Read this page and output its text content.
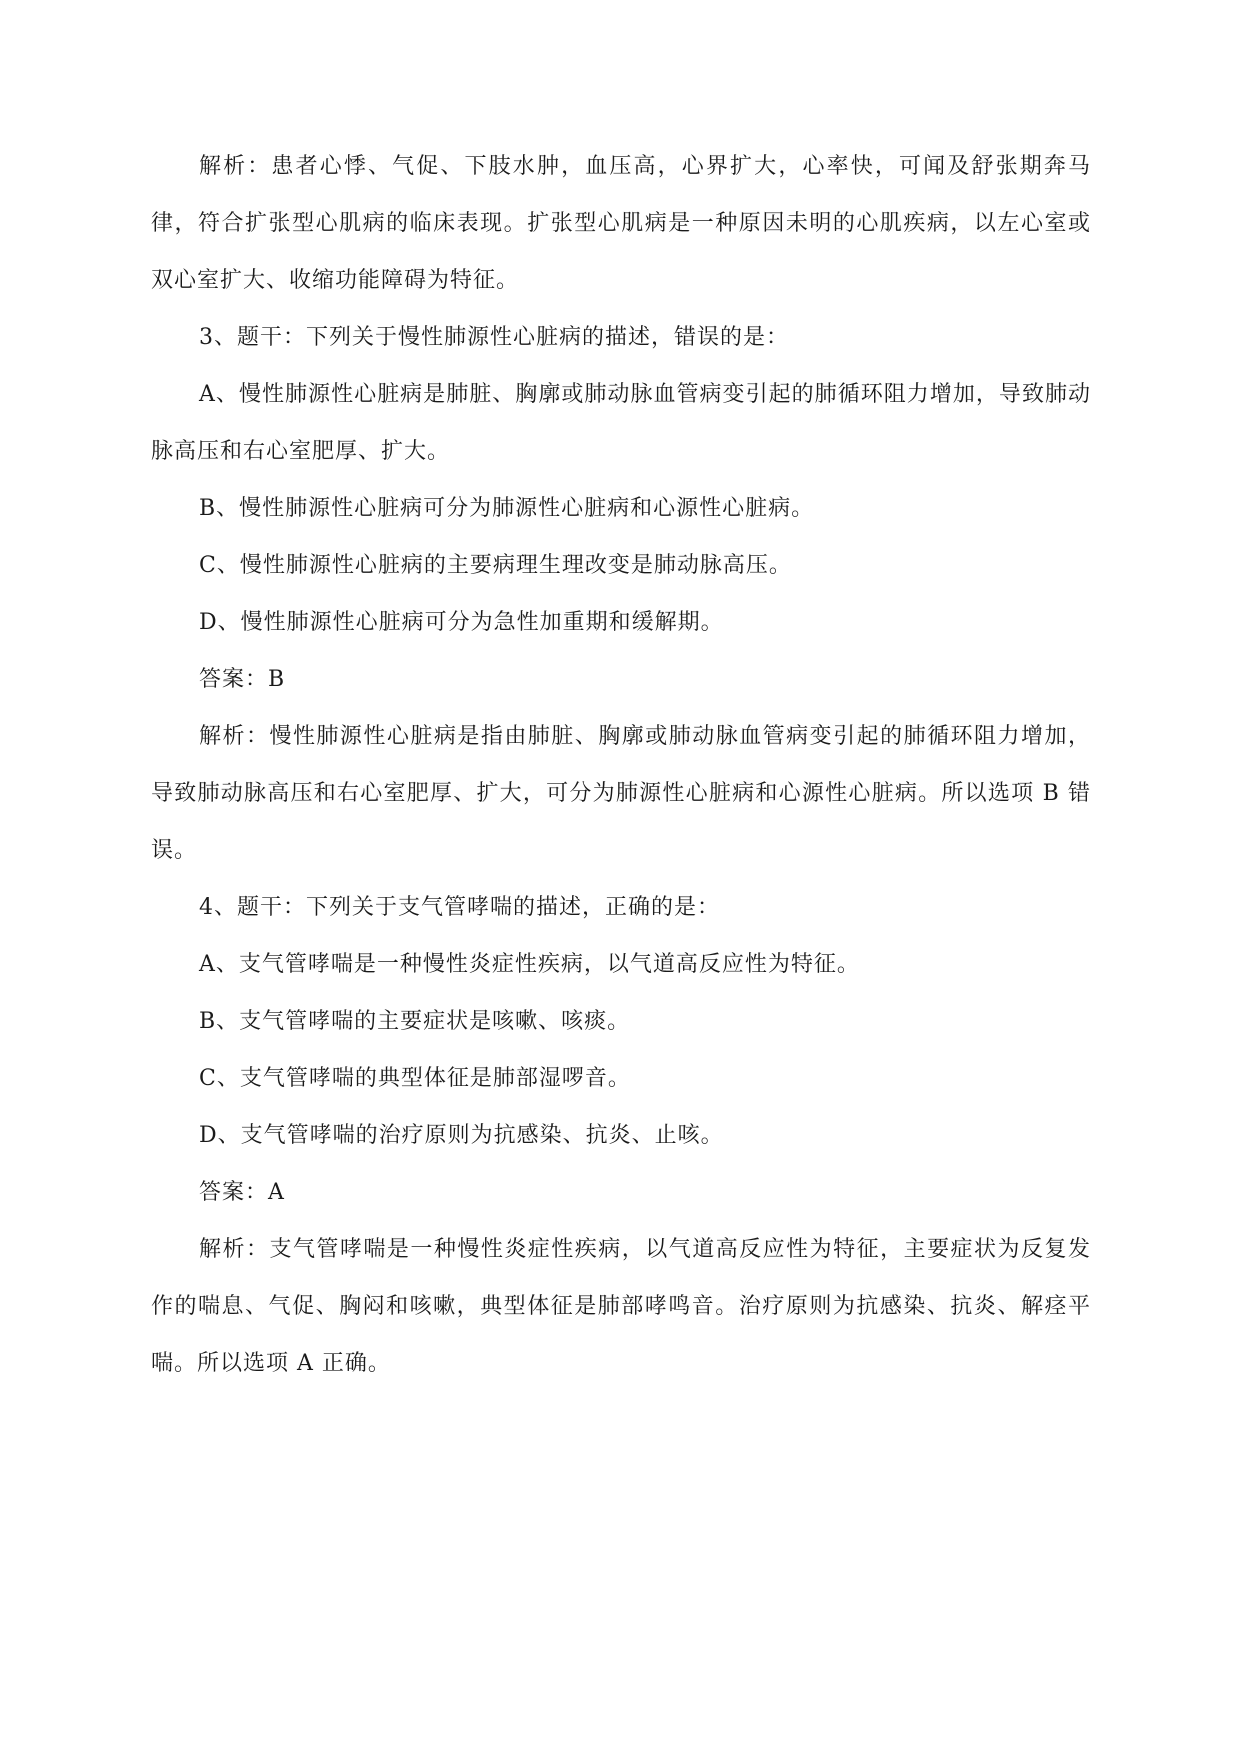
解析：患者心悸、气促、下肢水肿，血压高，心界扩大，心率快，可闻及舒张期奔马律，符合扩张型心肌病的临床表现。扩张型心肌病是一种原因未明的心肌疾病，以左心室或双心室扩大、收缩功能障碍为特征。

3、题干：下列关于慢性肺源性心脏病的描述，错误的是：

A、慢性肺源性心脏病是肺脏、胸廓或肺动脉血管病变引起的肺循环阻力增加，导致肺动脉高压和右心室肥厚、扩大。

B、慢性肺源性心脏病可分为肺源性心脏病和心源性心脏病。

C、慢性肺源性心脏病的主要病理生理改变是肺动脉高压。

D、慢性肺源性心脏病可分为急性加重期和缓解期。

答案：B

解析：慢性肺源性心脏病是指由肺脏、胸廓或肺动脉血管病变引起的肺循环阻力增加，导致肺动脉高压和右心室肥厚、扩大，可分为肺源性心脏病和心源性心脏病。所以选项 B 错误。

4、题干：下列关于支气管哮喘的描述，正确的是：

A、支气管哮喘是一种慢性炎症性疾病，以气道高反应性为特征。

B、支气管哮喘的主要症状是咳嗽、咳痰。

C、支气管哮喘的典型体征是肺部湿啰音。

D、支气管哮喘的治疗原则为抗感染、抗炎、止咳。

答案：A

解析：支气管哮喘是一种慢性炎症性疾病，以气道高反应性为特征，主要症状为反复发作的喘息、气促、胸闷和咳嗽，典型体征是肺部哮鸣音。治疗原则为抗感染、抗炎、解痉平喘。所以选项 A 正确。
